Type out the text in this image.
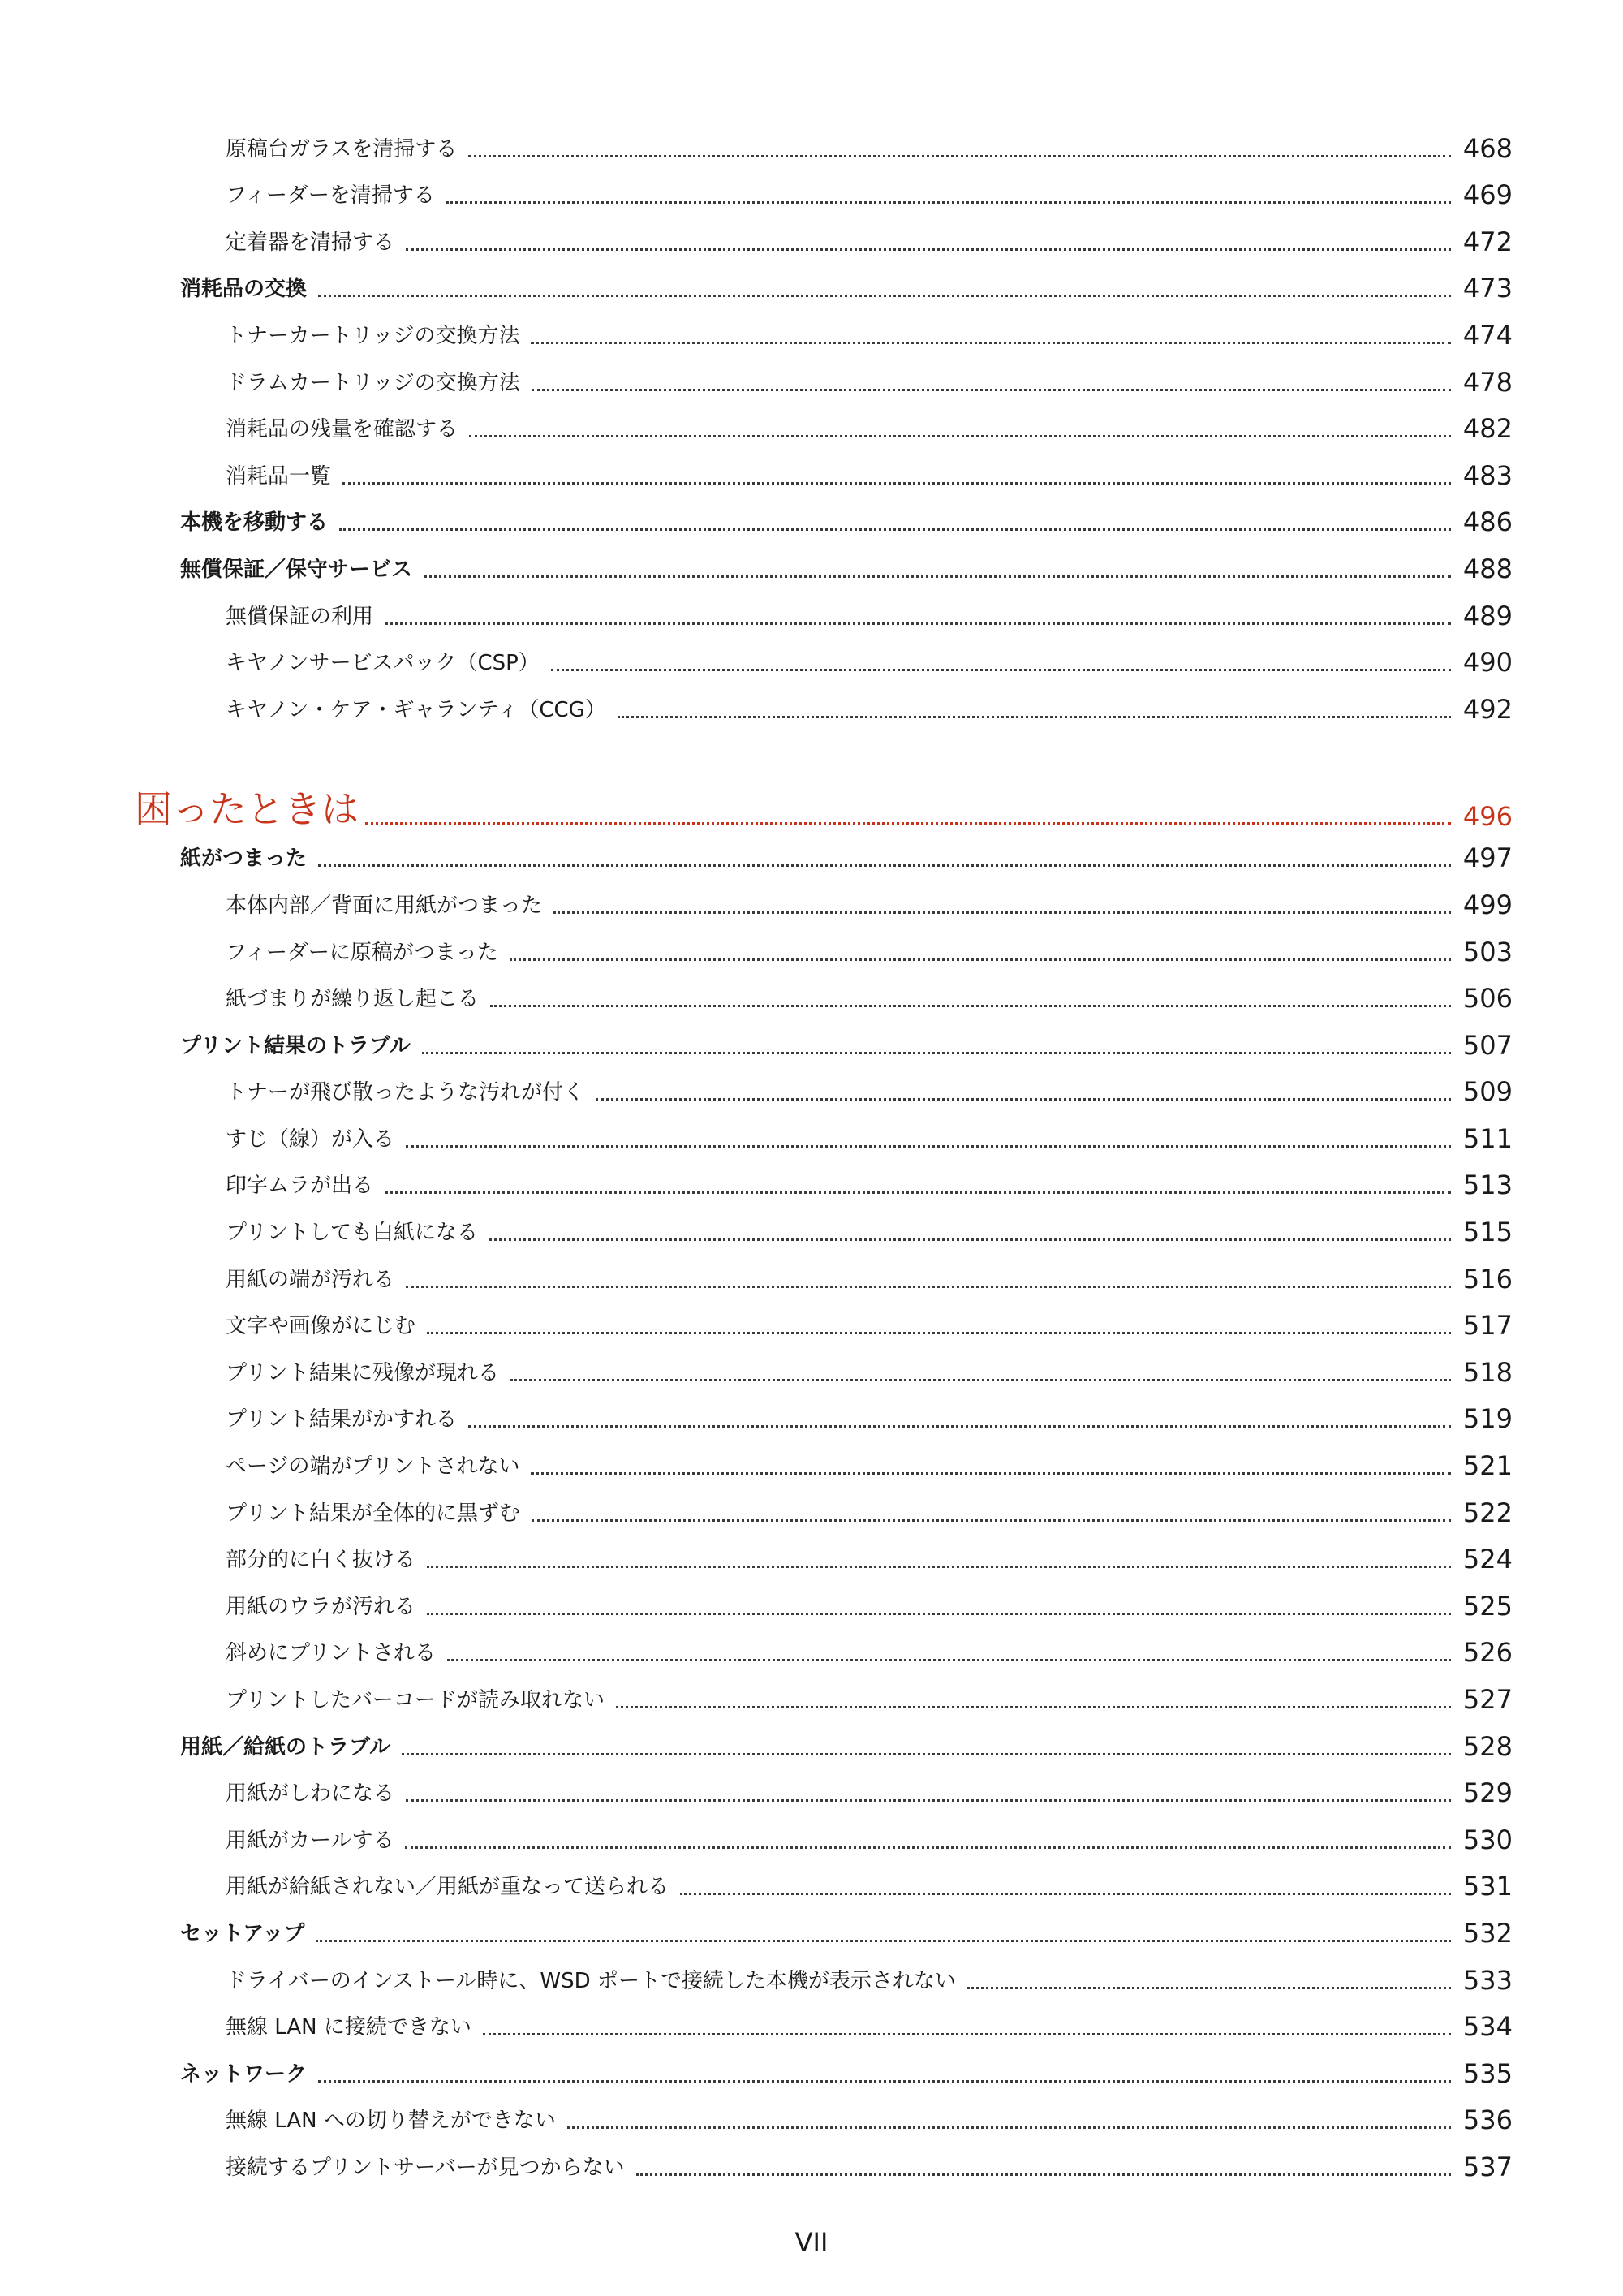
原稿台ガラスを清掃する	468
フィーダーを清掃する	469
定着器を清掃する	472
消耗品の交換	473
トナーカートリッジの交換方法	474
ドラムカートリッジの交換方法	478
消耗品の残量を確認する	482
消耗品一覧	483
本機を移動する	486
無償保証／保守サービス	488
無償保証の利用	489
キヤノンサービスパック（CSP）	490
キヤノン・ケア・ギャランティ（CCG）	492
困ったときは	496
紙がつまった	497
本体内部／背面に用紙がつまった	499
フィーダーに原稿がつまった	503
紙づまりが繰り返し起こる	506
プリント結果のトラブル	507
トナーが飛び散ったような汚れが付く	509
すじ（線）が入る	511
印字ムラが出る	513
プリントしても白紙になる	515
用紙の端が汚れる	516
文字や画像がにじむ	517
プリント結果に残像が現れる	518
プリント結果がかすれる	519
ページの端がプリントされない	521
プリント結果が全体的に黒ずむ	522
部分的に白く抜ける	524
用紙のウラが汚れる	525
斜めにプリントされる	526
プリントしたバーコードが読み取れない	527
用紙／給紙のトラブル	528
用紙がしわになる	529
用紙がカールする	530
用紙が給紙されない／用紙が重なって送られる	531
セットアップ	532
ドライバーのインストール時に、WSD ポートで接続した本機が表示されない	533
無線 LAN に接続できない	534
ネットワーク	535
無線 LAN への切り替えができない	536
接続するプリントサーバーが見つからない	537
VII
